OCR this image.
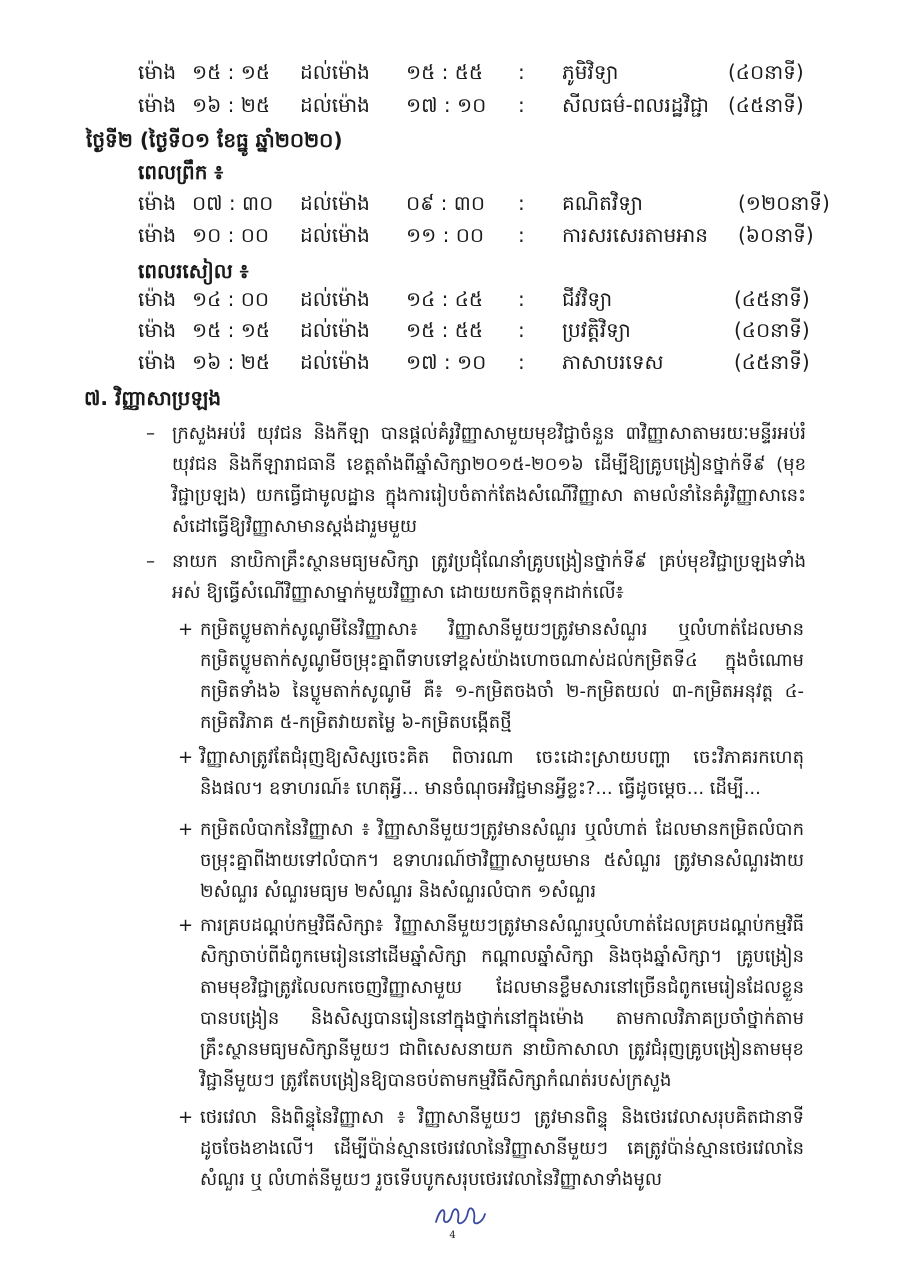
ម៉ោង ១៥ : ១៥ ដល់ម៉ោង ១៥ : ៥៥ : ភូមិវិទ្យា	(៤០នាទី)
ម៉ោង ១៦ : ២៥ ដល់ម៉ោង ១៧ : ១០ : សីលធម៌-ពលរដ្ឋវិជ្ជា (៤៥នាទី)
ថ្ងៃទី២ (ថ្ងៃទី០១ ខែធ្នូ ឆ្នាំ២០២០)
ពេលព្រឹក ៖
ម៉ោង ០៧ : ៣០ ដល់ម៉ោង ០៩ : ៣០ : គណិតវិទ្យា	(១២០នាទី)
ម៉ោង ១០ : ០០ ដល់ម៉ោង ១១ : ០០ : ការសរសេរតាមអាន (៦០នាទី)
ពេលរសៀល ៖
ម៉ោង ១៤ : ០០ ដល់ម៉ោង ១៤ : ៤៥ : ជីវវិទ្យា	(៤៥នាទី)
ម៉ោង ១៥ : ១៥ ដល់ម៉ោង ១៥ : ៥៥ : ប្រវត្តិវិទ្យា	(៤០នាទី)
ម៉ោង ១៦ : ២៥ ដល់ម៉ោង ១៧ : ១០ : ភាសាបរទេស	(៤៥នាទី)
៧. វិញ្ញាសាប្រឡង
– ក្រសួងអប់រំ យុវជន និងកីឡា បានផ្តល់គំរូវិញ្ញាសាមួយមុខវិជ្ជាចំនួន ៣វិញ្ញាសាតាមរយៈមន្ទីរអប់រំ យុវជន និងកីឡារាជធានី ខេត្តតាំងពីឆ្នាំសិក្សា២០១៥-២០១៦ ដើម្បីឱ្យគ្រូបង្រៀនថ្នាក់ទី៩ (មុខវិជ្ជាប្រឡង) យកធ្វើជាមូលដ្ឋាន ក្នុងការរៀបចំតាក់តែងសំណើវិញ្ញាសា តាមលំនាំនៃគំរូវិញ្ញាសានេះ សំដៅធ្វើឱ្យវិញ្ញាសាមានស្តង់ដារួមមួយ
– នាយក នាយិកាគ្រឹះស្ថានមធ្យមសិក្សា ត្រូវប្រជុំណែនាំគ្រូបង្រៀនថ្នាក់ទី៩ គ្រប់មុខវិជ្ជាប្រឡងទាំងអស់ ឱ្យធ្វើសំណើវិញ្ញាសាម្នាក់មួយវិញ្ញាសា ដោយយកចិត្តទុកដាក់លើ៖
+ កម្រិតប្លូមតាក់សូណូមីនៃវិញ្ញាសា៖ វិញ្ញាសានីមួយៗត្រូវមានសំណួរ ឬលំហាត់ដែលមានកម្រិតប្លូមតាក់សូណូមីចម្រុះគ្នាពីទាបទៅខ្ពស់យ៉ាងហោចណាស់ដល់កម្រិតទី៤ ក្នុងចំណោមកម្រិតទាំង៦ នៃប្លូមតាក់សូណូមី គឺ៖ ១-កម្រិតចងចាំ ២-កម្រិតយល់ ៣-កម្រិតអនុវត្ត ៤-កម្រិតវិភាគ ៥-កម្រិតវាយតម្លៃ ៦-កម្រិតបង្កើតថ្មី
+ វិញ្ញាសាត្រូវតែជំរុញឱ្យសិស្សចេះគិត ពិចារណា ចេះដោះស្រាយបញ្ហា ចេះវិភាគរកហេតុ និងផល។ ឧទាហរណ៍៖ ហេតុអ្វី... មានចំណុចអវិជ្ជមានអ្វីខ្លះ?... ធ្វើដូចម្តេច... ដើម្បី...
+ កម្រិតលំបាកនៃវិញ្ញាសា ៖ វិញ្ញាសានីមួយៗត្រូវមានសំណួរ ឬលំហាត់ ដែលមានកម្រិតលំបាកចម្រុះគ្នាពីងាយទៅលំបាក។ ឧទាហរណ៍ថាវិញ្ញាសាមួយមាន ៥សំណួរ ត្រូវមានសំណួរងាយ ២សំណួរ សំណួរមធ្យម ២សំណួរ និងសំណួរលំបាក ១សំណួរ
+ ការគ្របដណ្តប់កម្មវិធីសិក្សា៖ វិញ្ញាសានីមួយៗត្រូវមានសំណួរឬលំហាត់ដែលគ្របដណ្តប់កម្មវិធីសិក្សាចាប់ពីជំពូកមេរៀននៅដើមឆ្នាំសិក្សា កណ្តាលឆ្នាំសិក្សា និងចុងឆ្នាំសិក្សា។ គ្រូបង្រៀនតាមមុខវិជ្ជាត្រូវលៃលកចេញវិញ្ញាសាមួយ ដែលមានខ្លឹមសារនៅច្រើនជំពូកមេរៀនដែលខ្លួនបានបង្រៀន និងសិស្សបានរៀននៅក្នុងថ្នាក់នៅក្នុងម៉ោង តាមកាលវិភាគប្រចាំថ្នាក់តាមគ្រឹះស្ថានមធ្យមសិក្សានីមួយៗ ជាពិសេសនាយក នាយិកាសាលា ត្រូវជំរុញគ្រូបង្រៀនតាមមុខវិជ្ជានីមួយៗ ត្រូវតែបង្រៀនឱ្យបានចប់តាមកម្មវិធីសិក្សាកំណត់របស់ក្រសួង
+ ថេរវេលា និងពិន្ទុនៃវិញ្ញាសា ៖ វិញ្ញាសានីមួយៗ ត្រូវមានពិន្ទុ និងថេរវេលាសរុបគិតជានាទីដូចចែងខាងលើ។ ដើម្បីប៉ាន់ស្មានថេរវេលានៃវិញ្ញាសានីមួយៗ គេត្រូវប៉ាន់ស្មានថេរវេលានៃសំណួរ ឬ លំហាត់នីមួយៗ រួចទើបបូកសរុបថេរវេលានៃវិញ្ញាសាទាំងមូល
4
